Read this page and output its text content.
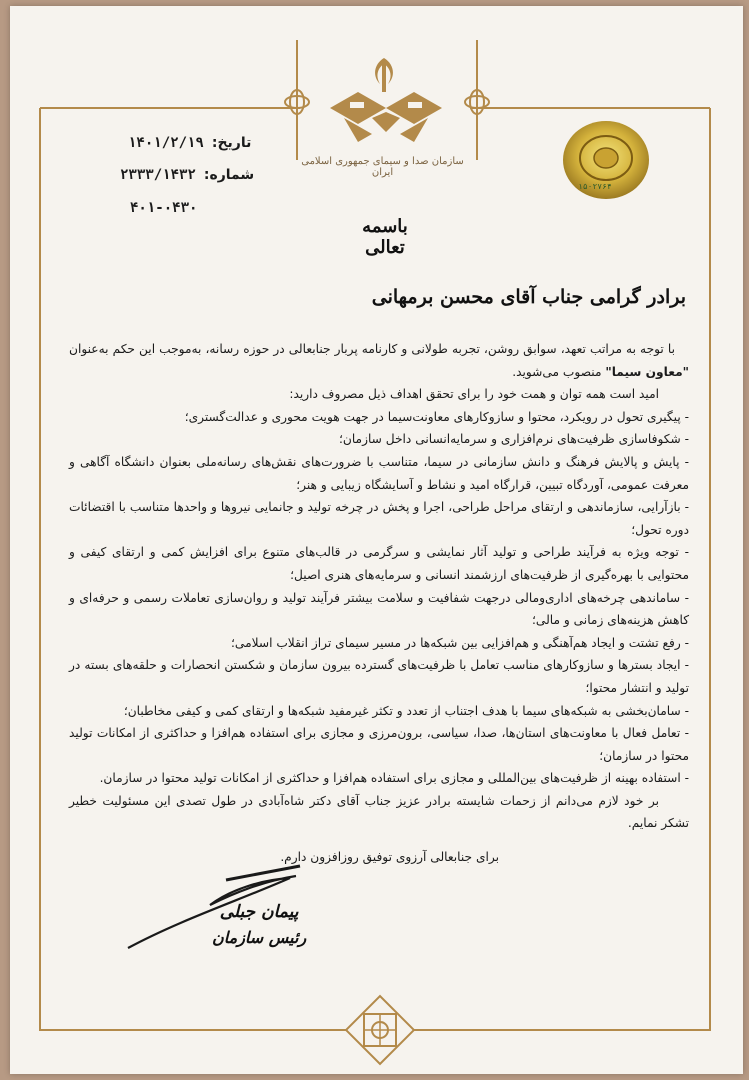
۱۵۰۲۷۶۴
تاریخ:۱۴۰۱/۲/۱۹
شماره:۲۳۳۳/۱۴۳۲
۴۰۱-۰۴۳۰
سازمان صدا و سیمای جمهوری اسلامی ایران
باسمه تعالی
برادر گرامی جناب آقای محسن برمهانی

با توجه به مراتب تعهد، سوابق روشن، تجربه طولانی و کارنامه پربار جنابعالی در حوزه رسانه، به‌موجب این حکم به‌عنوان "معاون سیما" منصوب می‌شوید.

امید است همه توان و همت خود را برای تحقق اهداف ذیل مصروف دارید:

- پیگیری تحول در رویکرد، محتوا و سازوکارهای معاونت‌سیما در جهت هویت محوری و عدالت‌گستری؛

- شکوفاسازی ظرفیت‌های نرم‌افزاری و سرمایه‌انسانی داخل سازمان؛

- پایش و پالایش فرهنگ و دانش سازمانی در سیما، متناسب با ضرورت‌های نقش‌های رسانه‌ملی بعنوان دانشگاه آگاهی و معرفت عمومی، آوردگاه تبیین، قرارگاه امید و نشاط و آسایشگاه زیبایی و هنر؛

- بازآرایی، سازماندهی و ارتقای مراحل طراحی، اجرا و پخش در چرخه تولید و جانمایی نیروها و واحدها متناسب با اقتضائات دوره تحول؛

- توجه ویژه به فرآیند طراحی و تولید آثار نمایشی و سرگرمی در قالب‌های متنوع برای افزایش کمی و ارتقای کیفی و محتوایی با بهره‌گیری از ظرفیت‌های ارزشمند انسانی و سرمایه‌های هنری اصیل؛

- ساماندهی چرخه‌های اداری‌ومالی درجهت شفافیت و سلامت بیشتر فرآیند تولید و روان‌سازی تعاملات رسمی و حرفه‌ای و کاهش هزینه‌های زمانی و مالی؛

- رفع تشتت و ایجاد هم‌آهنگی و هم‌افزایی بین شبکه‌ها در مسیر سیمای تراز انقلاب اسلامی؛

- ایجاد بسترها و سازوکارهای مناسب تعامل با ظرفیت‌های گسترده بیرون سازمان و شکستن انحصارات و حلقه‌های بسته در تولید و انتشار محتوا؛

- سامان‌بخشی به شبکه‌های سیما با هدف اجتناب از تعدد و تکثر غیرمفید شبکه‌ها و ارتقای کمی و کیفی مخاطبان؛

- تعامل فعال با معاونت‌های استان‌ها، صدا، سیاسی، برون‌مرزی و مجازی برای استفاده هم‌افزا و حداکثری از امکانات تولید محتوا در سازمان؛

- استفاده بهینه از ظرفیت‌های بین‌المللی و مجازی برای استفاده هم‌افزا و حداکثری از امکانات تولید محتوا در سازمان.

بر خود لازم می‌دانم از زحمات شایسته برادر عزیز جناب آقای دکتر شاه‌آبادی در طول تصدی این مسئولیت خطیر تشکر نمایم.

برای جنابعالی آرزوی توفیق روزافزون دارم.
پیمان جبلی
رئیس سازمان
